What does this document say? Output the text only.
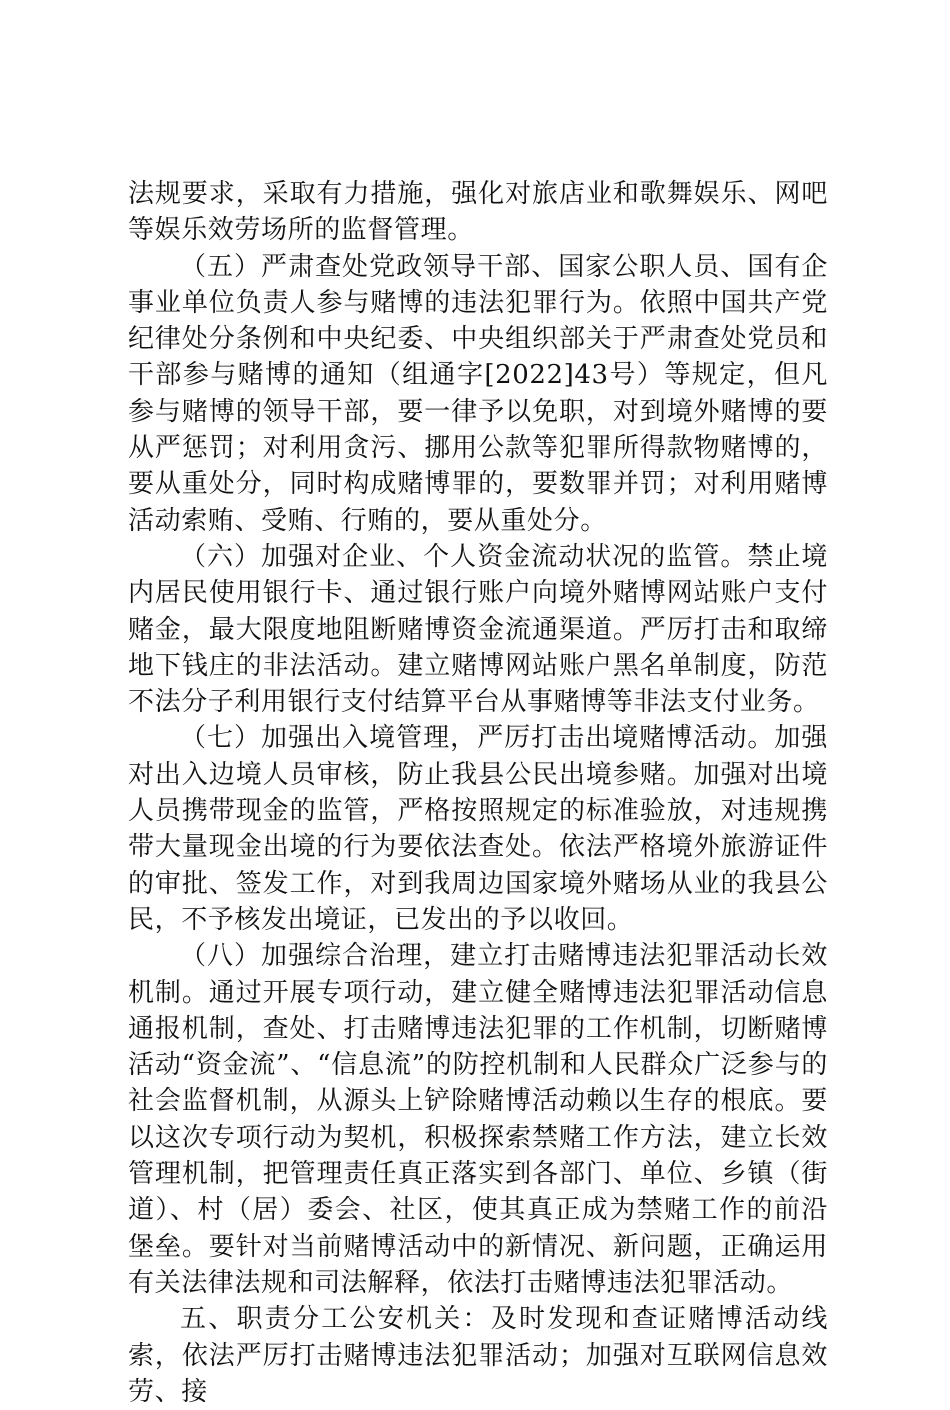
法规要求，采取有力措施，强化对旅店业和歌舞娱乐、网吧等娱乐效劳场所的监督管理。

（五）严肃查处党政领导干部、国家公职人员、国有企事业单位负责人参与赌博的违法犯罪行为。依照中国共产党纪律处分条例和中央纪委、中央组织部关于严肃查处党员和干部参与赌博的通知（组通字[2022]43号）等规定，但凡参与赌博的领导干部，要一律予以免职，对到境外赌博的要从严惩罚；对利用贪污、挪用公款等犯罪所得款物赌博的，要从重处分，同时构成赌博罪的，要数罪并罚；对利用赌博活动索贿、受贿、行贿的，要从重处分。

（六）加强对企业、个人资金流动状况的监管。禁止境内居民使用银行卡、通过银行账户向境外赌博网站账户支付赌金，最大限度地阻断赌博资金流通渠道。严厉打击和取缔地下钱庄的非法活动。建立赌博网站账户黑名单制度，防范不法分子利用银行支付结算平台从事赌博等非法支付业务。

（七）加强出入境管理，严厉打击出境赌博活动。加强对出入边境人员审核，防止我县公民出境参赌。加强对出境人员携带现金的监管，严格按照规定的标准验放，对违规携带大量现金出境的行为要依法查处。依法严格境外旅游证件的审批、签发工作，对到我周边国家境外赌场从业的我县公民，不予核发出境证，已发出的予以收回。

（八）加强综合治理，建立打击赌博违法犯罪活动长效机制。通过开展专项行动，建立健全赌博违法犯罪活动信息通报机制，查处、打击赌博违法犯罪的工作机制，切断赌博活动“资金流”、“信息流”的防控机制和人民群众广泛参与的社会监督机制，从源头上铲除赌博活动赖以生存的根底。要以这次专项行动为契机，积极探索禁赌工作方法，建立长效管理机制，把管理责任真正落实到各部门、单位、乡镇（街道）、村（居）委会、社区，使其真正成为禁赌工作的前沿堡垒。要针对当前赌博活动中的新情况、新问题，正确运用有关法律法规和司法解释，依法打击赌博违法犯罪活动。

五、职责分工公安机关：及时发现和查证赌博活动线索，依法严厉打击赌博违法犯罪活动；加强对互联网信息效劳、接
